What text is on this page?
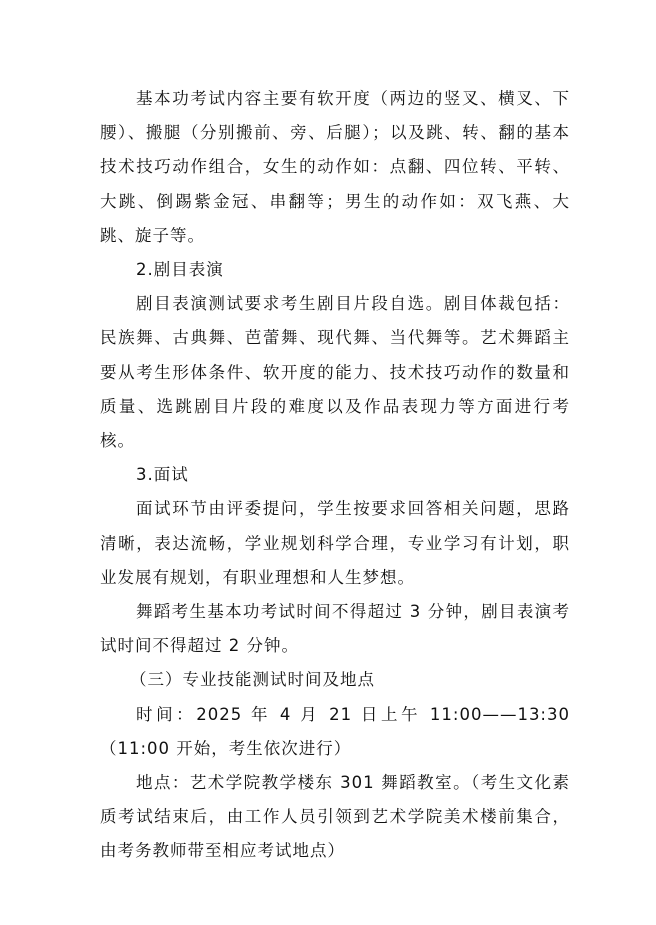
基本功考试内容主要有软开度（两边的竖叉、横叉、下腰）、搬腿（分别搬前、旁、后腿）；以及跳、转、翻的基本技术技巧动作组合，女生的动作如：点翻、四位转、平转、大跳、倒踢紫金冠、串翻等；男生的动作如：双飞燕、大跳、旋子等。

2.剧目表演

剧目表演测试要求考生剧目片段自选。剧目体裁包括：民族舞、古典舞、芭蕾舞、现代舞、当代舞等。艺术舞蹈主要从考生形体条件、软开度的能力、技术技巧动作的数量和质量、选跳剧目片段的难度以及作品表现力等方面进行考核。

3.面试

面试环节由评委提问，学生按要求回答相关问题，思路清晰，表达流畅，学业规划科学合理，专业学习有计划，职业发展有规划，有职业理想和人生梦想。

舞蹈考生基本功考试时间不得超过 3 分钟，剧目表演考试时间不得超过 2 分钟。

（三）专业技能测试时间及地点

时间：2025 年 4 月 21 日上午 11:00——13:30（11:00 开始，考生依次进行）

地点：艺术学院教学楼东 301 舞蹈教室。（考生文化素质考试结束后，由工作人员引领到艺术学院美术楼前集合，由考务教师带至相应考试地点）
